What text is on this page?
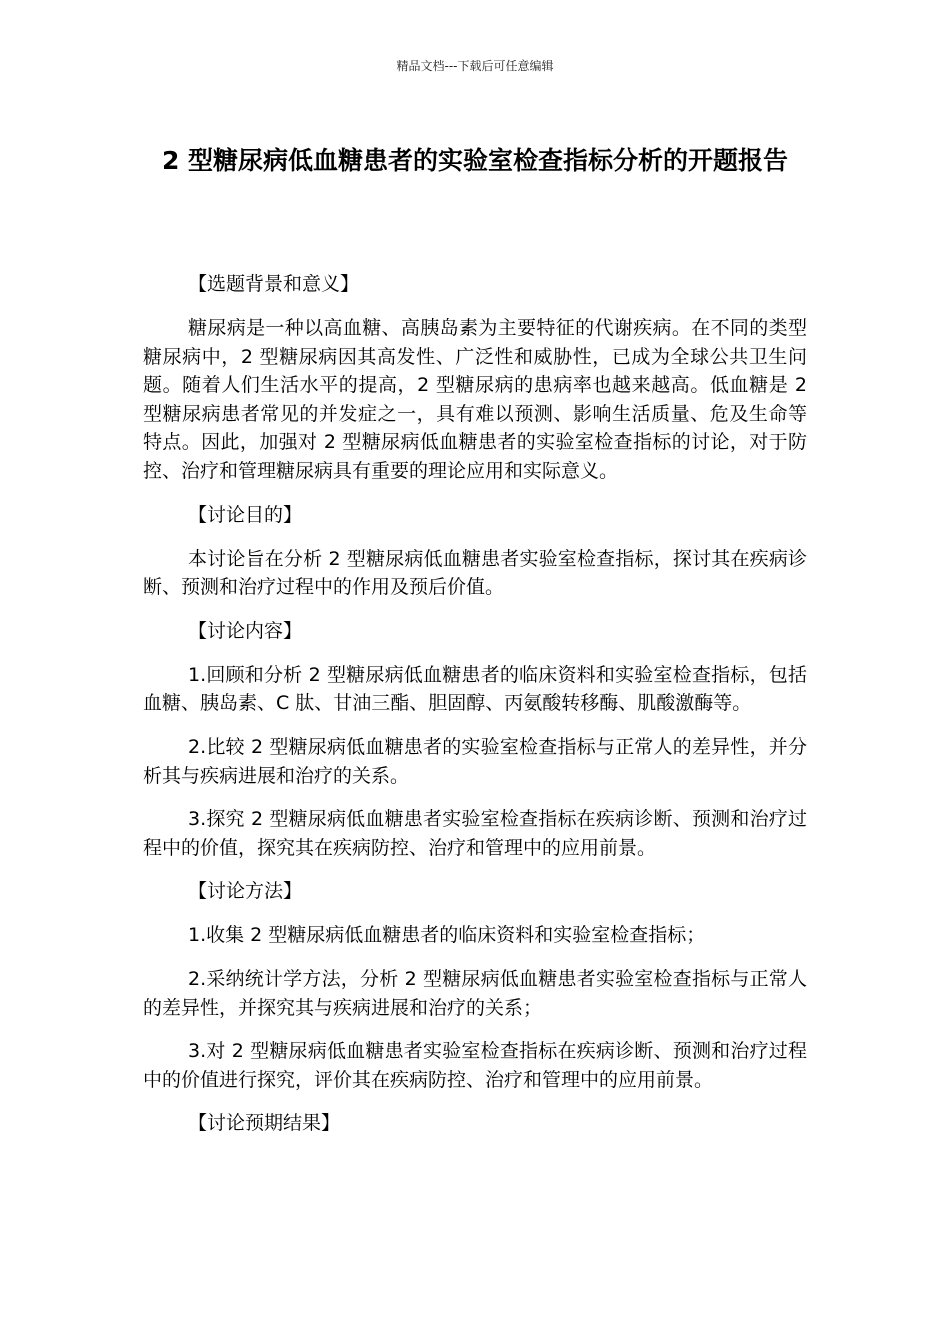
精品文档---下载后可任意编辑
2 型糖尿病低血糖患者的实验室检查指标分析的开题报告

【选题背景和意义】

糖尿病是一种以高血糖、高胰岛素为主要特征的代谢疾病。在不同的类型糖尿病中，2 型糖尿病因其高发性、广泛性和威胁性，已成为全球公共卫生问题。随着人们生活水平的提高，2 型糖尿病的患病率也越来越高。低血糖是 2 型糖尿病患者常见的并发症之一，具有难以预测、影响生活质量、危及生命等特点。因此，加强对 2 型糖尿病低血糖患者的实验室检查指标的讨论，对于防控、治疗和管理糖尿病具有重要的理论应用和实际意义。

【讨论目的】

本讨论旨在分析 2 型糖尿病低血糖患者实验室检查指标，探讨其在疾病诊断、预测和治疗过程中的作用及预后价值。

【讨论内容】

1.回顾和分析 2 型糖尿病低血糖患者的临床资料和实验室检查指标，包括血糖、胰岛素、C 肽、甘油三酯、胆固醇、丙氨酸转移酶、肌酸激酶等。

2.比较 2 型糖尿病低血糖患者的实验室检查指标与正常人的差异性，并分析其与疾病进展和治疗的关系。

3.探究 2 型糖尿病低血糖患者实验室检查指标在疾病诊断、预测和治疗过程中的价值，探究其在疾病防控、治疗和管理中的应用前景。

【讨论方法】

1.收集 2 型糖尿病低血糖患者的临床资料和实验室检查指标；

2.采纳统计学方法，分析 2 型糖尿病低血糖患者实验室检查指标与正常人的差异性，并探究其与疾病进展和治疗的关系；

3.对 2 型糖尿病低血糖患者实验室检查指标在疾病诊断、预测和治疗过程中的价值进行探究，评价其在疾病防控、治疗和管理中的应用前景。

【讨论预期结果】
